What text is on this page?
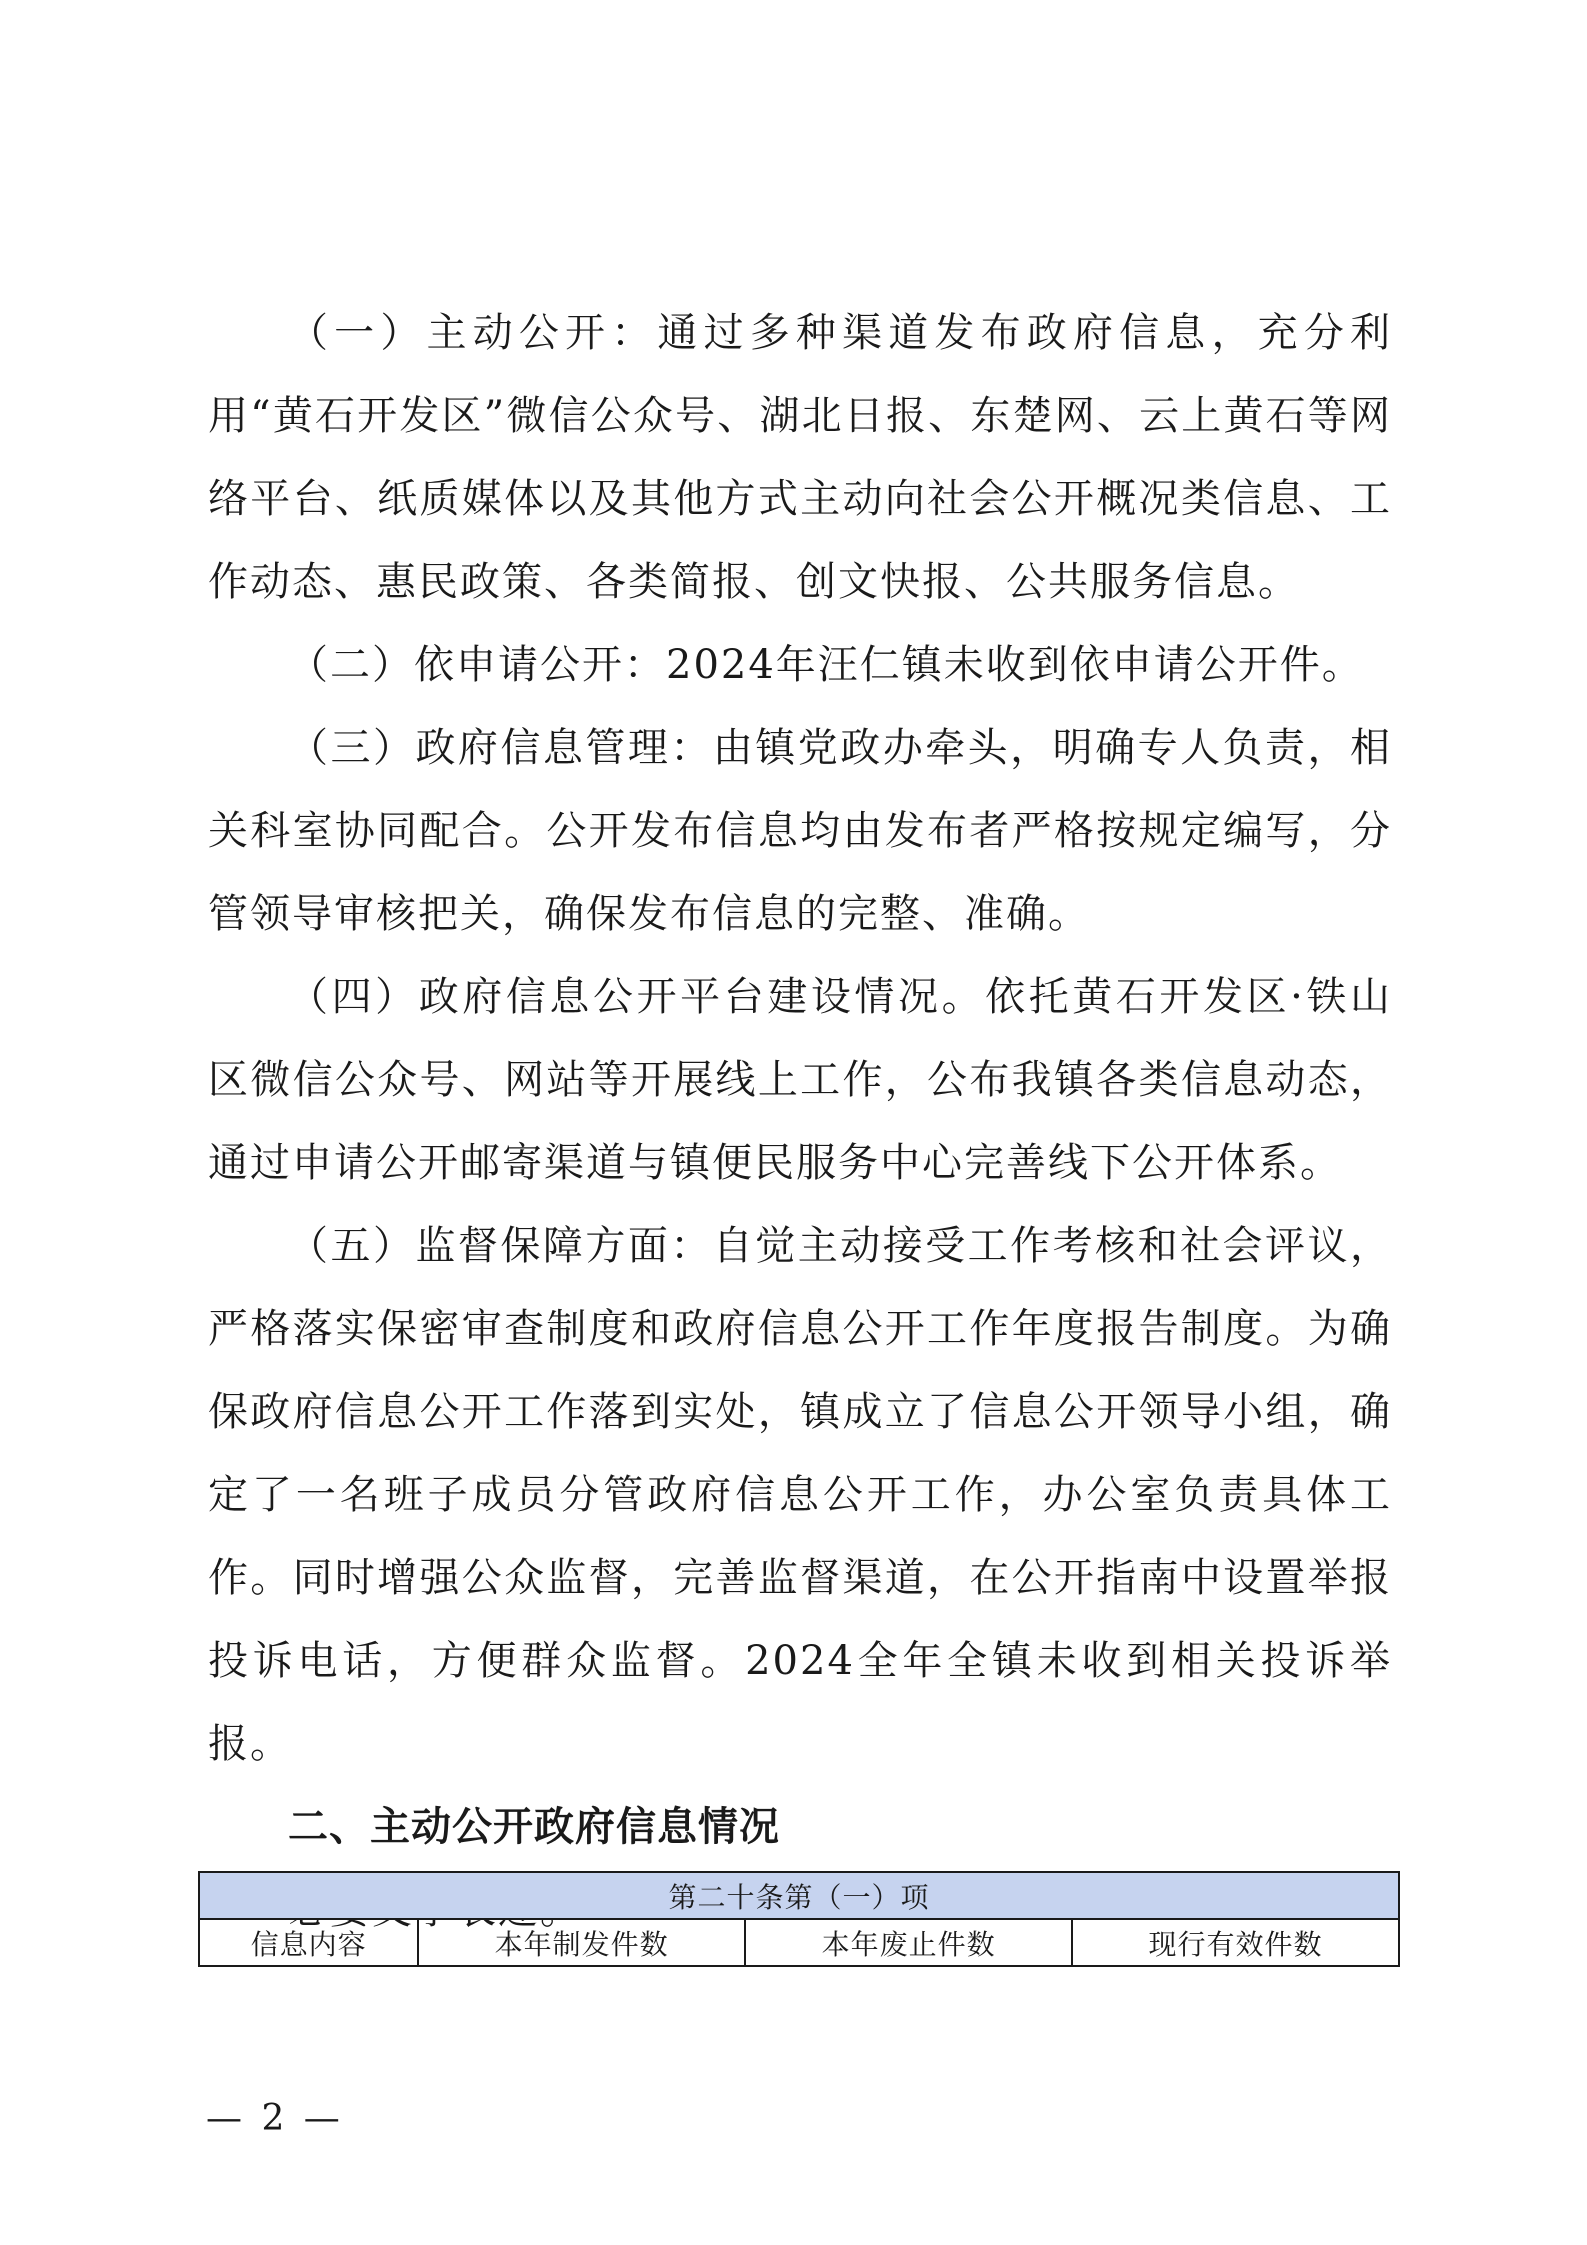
（一）主动公开：通过多种渠道发布政府信息，充分利用“黄石开发区”微信公众号、湖北日报、东楚网、云上黄石等网络平台、纸质媒体以及其他方式主动向社会公开概况类信息、工作动态、惠民政策、各类简报、创文快报、公共服务信息。

（二）依申请公开：2024年汪仁镇未收到依申请公开件。

（三）政府信息管理：由镇党政办牵头，明确专人负责，相关科室协同配合。公开发布信息均由发布者严格按规定编写，分管领导审核把关，确保发布信息的完整、准确。

（四）政府信息公开平台建设情况。依托黄石开发区·铁山区微信公众号、网站等开展线上工作，公布我镇各类信息动态，通过申请公开邮寄渠道与镇便民服务中心完善线下公开体系。

（五）监督保障方面：自觉主动接受工作考核和社会评议，严格落实保密审查制度和政府信息公开工作年度报告制度。为确保政府信息公开工作落到实处，镇成立了信息公开领导小组，确定了一名班子成员分管政府信息公开工作，办公室负责具体工作。同时增强公众监督，完善监督渠道，在公开指南中设置举报投诉电话，方便群众监督。2024全年全镇未收到相关投诉举报。

二、主动公开政府信息情况

第二十条第（一）项
信息内容	本年制发件数	本年废止件数	现行有效件数
— 2 —
